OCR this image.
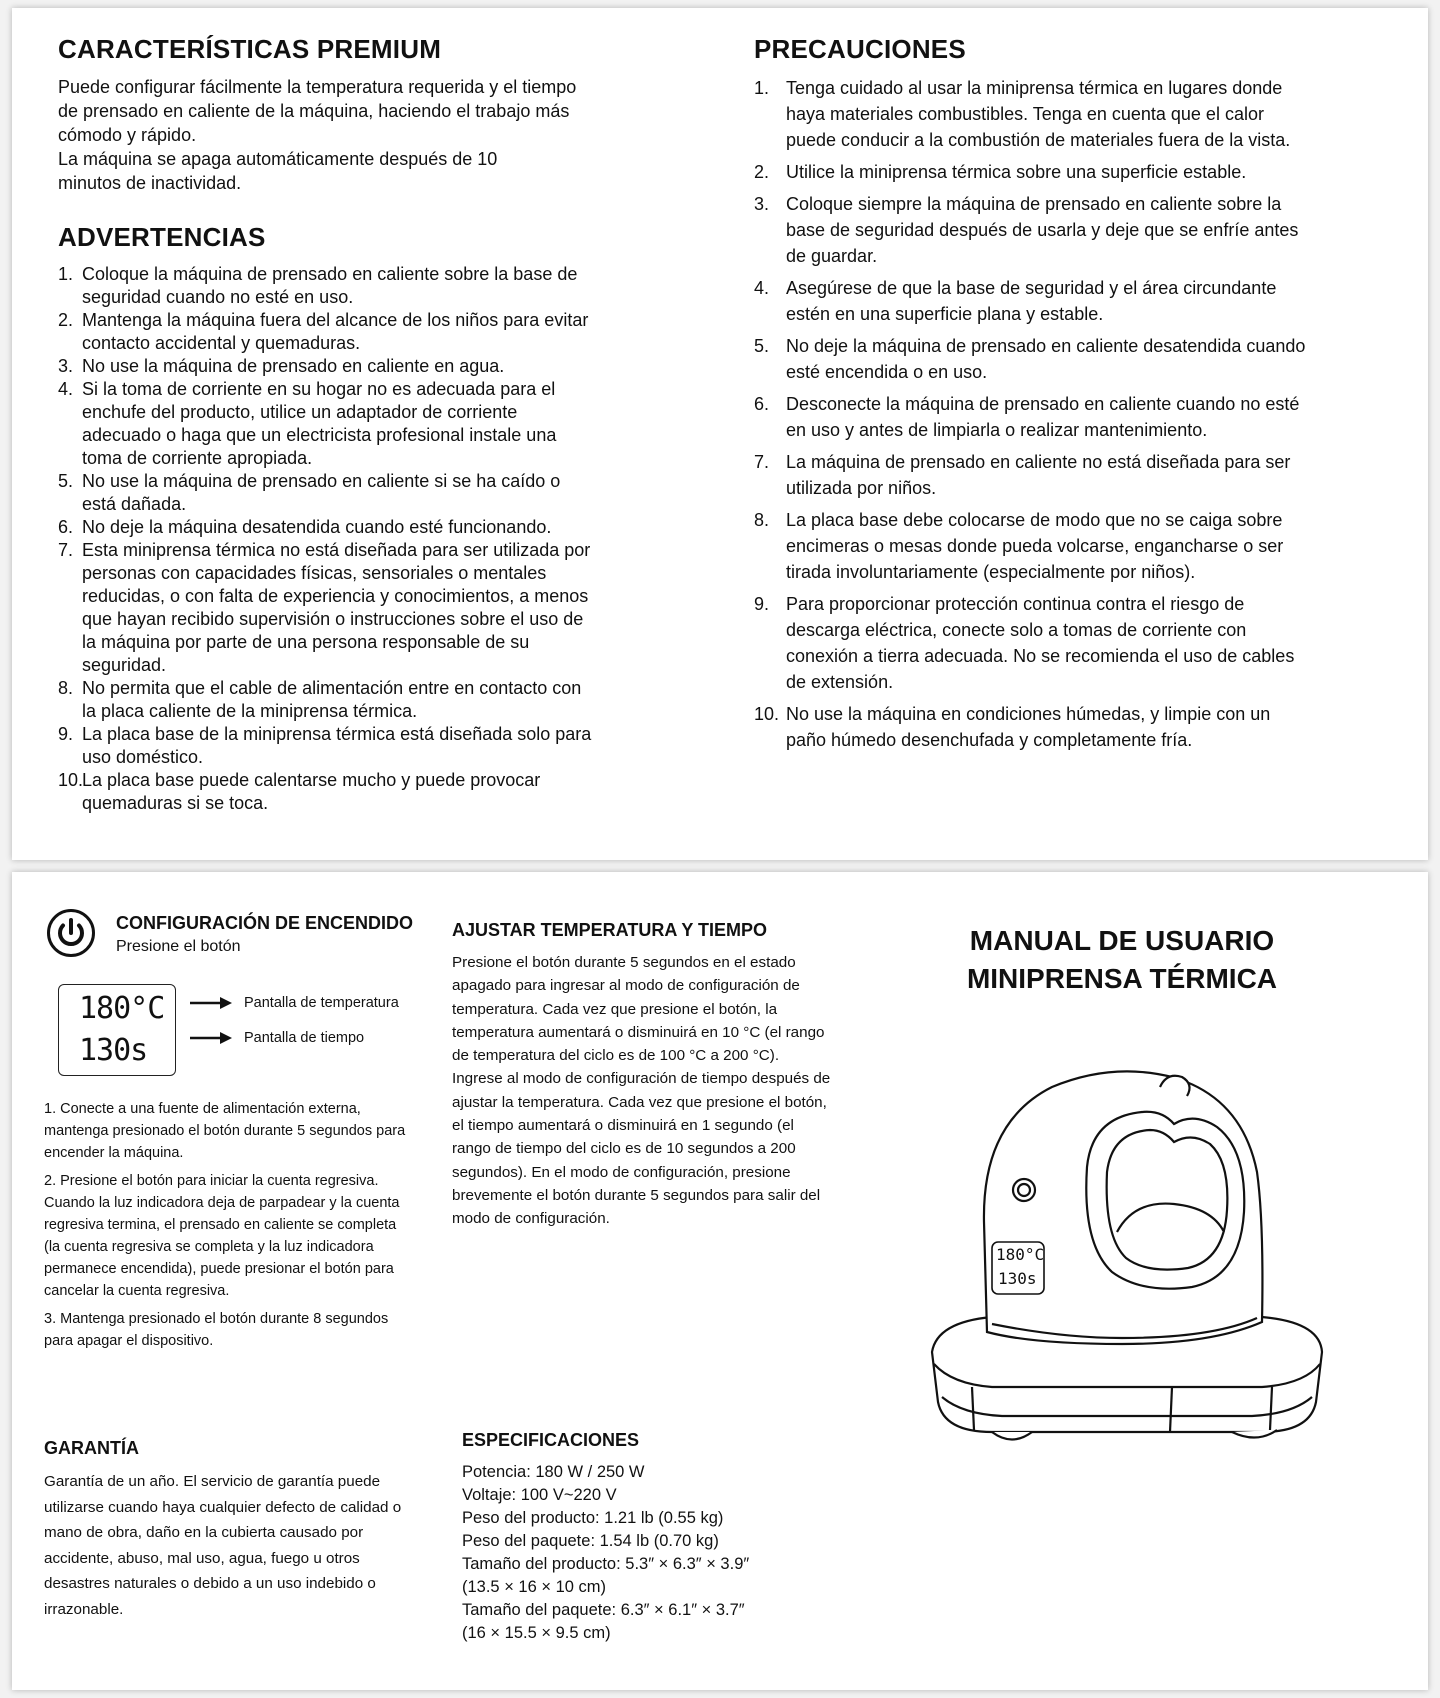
CARACTERÍSTICAS PREMIUM

Puede configurar fácilmente la temperatura requerida y el tiempo de prensado en caliente de la máquina, haciendo el trabajo más cómodo y rápido.

La máquina se apaga automáticamente después de 10 minutos de inactividad.

ADVERTENCIAS
1. Coloque la máquina de prensado en caliente sobre la base de seguridad cuando no esté en uso.
2. Mantenga la máquina fuera del alcance de los niños para evitar contacto accidental y quemaduras.
3. No use la máquina de prensado en caliente en agua.
4. Si la toma de corriente en su hogar no es adecuada para el enchufe del producto, utilice un adaptador de corriente adecuado o haga que un electricista profesional instale una toma de corriente apropiada.
5. No use la máquina de prensado en caliente si se ha caído o está dañada.
6. No deje la máquina desatendida cuando esté funcionando.
7. Esta miniprensa térmica no está diseñada para ser utilizada por personas con capacidades físicas, sensoriales o mentales reducidas, o con falta de experiencia y conocimientos, a menos que hayan recibido supervisión o instrucciones sobre el uso de la máquina por parte de una persona responsable de su seguridad.
8. No permita que el cable de alimentación entre en contacto con la placa caliente de la miniprensa térmica.
9. La placa base de la miniprensa térmica está diseñada solo para uso doméstico.
10.
La placa base puede calentarse mucho y puede provocar quemaduras si se toca.
PRECAUCIONES
1. Tenga cuidado al usar la miniprensa térmica en lugares donde haya materiales combustibles. Tenga en cuenta que el calor puede conducir a la combustión de materiales fuera de la vista.
2. Utilice la miniprensa térmica sobre una superficie estable.
3. Coloque siempre la máquina de prensado en caliente sobre la base de seguridad después de usarla y deje que se enfríe antes de guardar.
4. Asegúrese de que la base de seguridad y el área circundante estén en una superficie plana y estable.
5. No deje la máquina de prensado en caliente desatendida cuando esté encendida o en uso.
6. Desconecte la máquina de prensado en caliente cuando no esté en uso y antes de limpiarla o realizar mantenimiento.
7. La máquina de prensado en caliente no está diseñada para ser utilizada por niños.
8. La placa base debe colocarse de modo que no se caiga sobre encimeras o mesas donde pueda volcarse, engancharse o ser tirada involuntariamente (especialmente por niños).
9. Para proporcionar protección continua contra el riesgo de descarga eléctrica, conecte solo a tomas de corriente con conexión a tierra adecuada. No se recomienda el uso de cables de extensión.
10. No use la máquina en condiciones húmedas, y limpie con un paño húmedo desenchufada y completamente fría.

CONFIGURACIÓN DE ENCENDIDO

Presione el botón

180°C
130s
Pantalla de temperatura
Pantalla de tiempo

1. Conecte a una fuente de alimentación externa, mantenga presionado el botón durante 5 segundos para encender la máquina.

2. Presione el botón para iniciar la cuenta regresiva. Cuando la luz indicadora deja de parpadear y la cuenta regresiva termina, el prensado en caliente se completa (la cuenta regresiva se completa y la luz indicadora permanece encendida), puede presionar el botón para cancelar la cuenta regresiva.

3. Mantenga presionado el botón durante 8 segundos para apagar el dispositivo.

AJUSTAR TEMPERATURA Y TIEMPO

Presione el botón durante 5 segundos en el estado apagado para ingresar al modo de configuración de temperatura. Cada vez que presione el botón, la temperatura aumentará o disminuirá en 10 °C (el rango de temperatura del ciclo es de 100 °C a 200 °C). Ingrese al modo de configuración de tiempo después de ajustar la temperatura. Cada vez que presione el botón, el tiempo aumentará o disminuirá en 1 segundo (el rango de tiempo del ciclo es de 10 segundos a 200 segundos). En el modo de configuración, presione brevemente el botón durante 5 segundos para salir del modo de configuración.

MANUAL DE USUARIO
MINIPRENSA TÉRMICA
180°C
130s

GARANTÍA

Garantía de un año. El servicio de garantía puede utilizarse cuando haya cualquier defecto de calidad o mano de obra, daño en la cubierta causado por accidente, abuso, mal uso, agua, fuego u otros desastres naturales o debido a un uso indebido o irrazonable.

ESPECIFICACIONES

Potencia: 180 W / 250 W

Voltaje: 100 V~220 V

Peso del producto: 1.21 lb (0.55 kg)

Peso del paquete: 1.54 lb (0.70 kg)

Tamaño del producto: 5.3″ × 6.3″ × 3.9″

(13.5 × 16 × 10 cm)

Tamaño del paquete: 6.3″ × 6.1″ × 3.7″

(16 × 15.5 × 9.5 cm)
